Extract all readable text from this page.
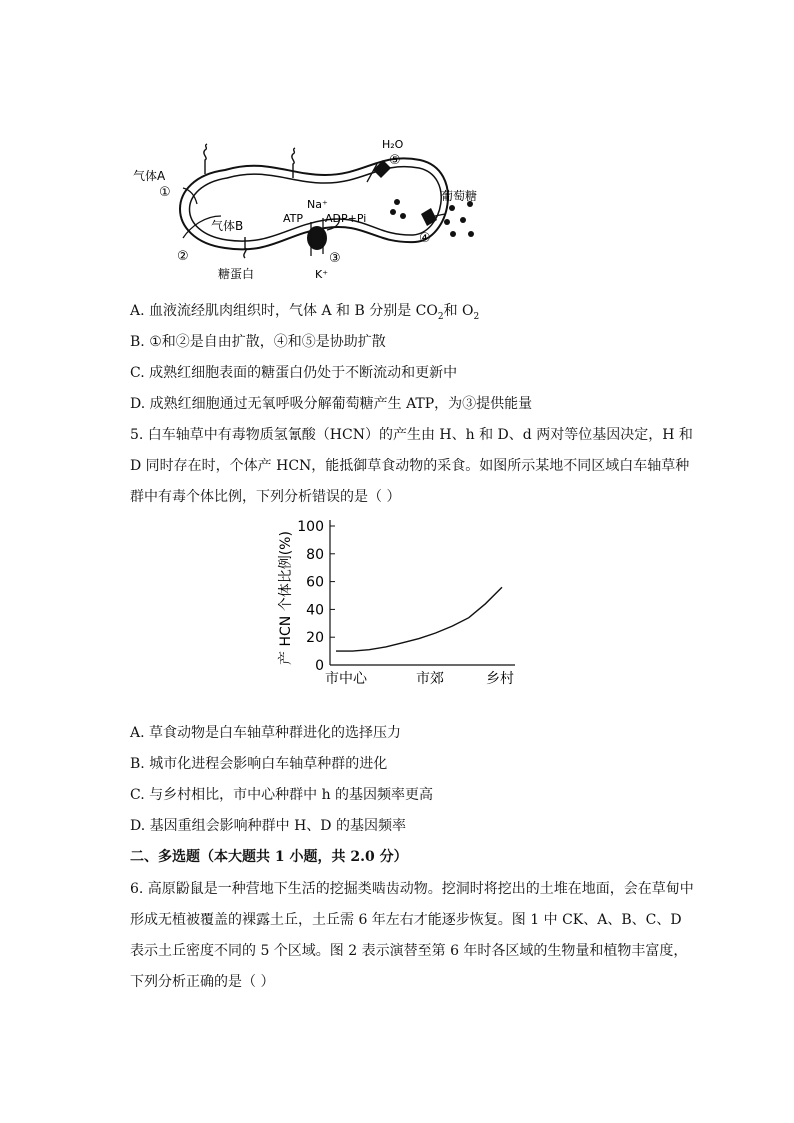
气体A
①
气体B
②
糖蛋白
H₂O
⑤
葡萄糖
④
Na⁺
ATP ADP+Pi
③
K⁺
A. 血液流经肌肉组织时，气体 A 和 B 分别是 $CO_2$和 $O_2$
B. ①和②是自由扩散，④和⑤是协助扩散
C. 成熟红细胞表面的糖蛋白仍处于不断流动和更新中
D. 成熟红细胞通过无氧呼吸分解葡萄糖产生 ATP，为③提供能量
5. 白车轴草中有毒物质氢氰酸（HCN）的产生由 H、h 和 D、d 两对等位基因决定，H 和 D 同时存在时，个体产 HCN，能抵御草食动物的采食。如图所示某地不同区域白车轴草种群中有毒个体比例，下列分析错误的是（ ）
0
20
40
60
80
100
市中心	市郊	乡村
产 HCN 个体比例(%)
A. 草食动物是白车轴草种群进化的选择压力
B. 城市化进程会影响白车轴草种群的进化
C. 与乡村相比，市中心种群中 h 的基因频率更高
D. 基因重组会影响种群中 H、D 的基因频率
二、多选题（本大题共 1 小题，共 2.0 分）
6. 高原鼢鼠是一种营地下生活的挖掘类啮齿动物。挖洞时将挖出的土堆在地面，会在草甸中形成无植被覆盖的裸露土丘，土丘需 6 年左右才能逐步恢复。图 1 中 CK、A、B、C、D 表示土丘密度不同的 5 个区域。图 2 表示演替至第 6 年时各区域的生物量和植物丰富度，下列分析正确的是（ ）
